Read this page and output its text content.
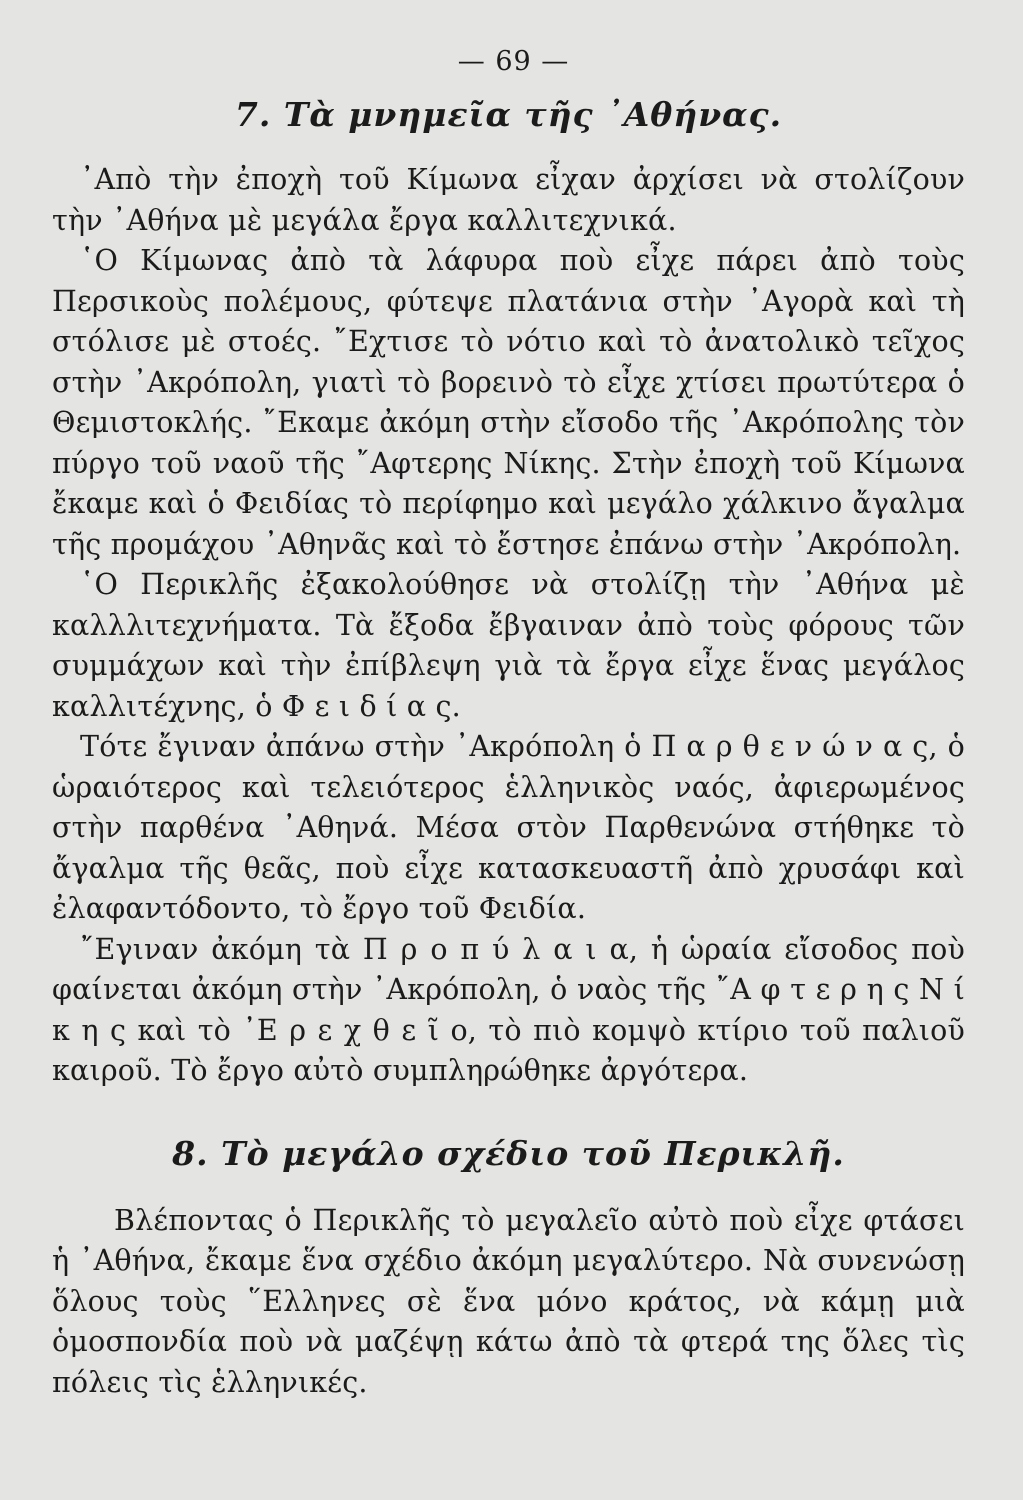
— 69 —
7. Τὰ μνημεῖα τῆς ᾿Αθήνας.

᾿Απὸ τὴν ἐποχὴ τοῦ Κίμωνα εἶχαν ἀρχίσει νὰ στολίζουν τὴν ᾿Αθήνα μὲ μεγάλα ἔργα καλλιτεχνικά.

῾Ο Κίμωνας ἀπὸ τὰ λάφυρα ποὺ εἶχε πάρει ἀπὸ τοὺς Περσικοὺς πολέμους, φύτεψε πλατάνια στὴν ᾿Αγορὰ καὶ τὴ στόλισε μὲ στοές. ῎Εχτισε τὸ νότιο καὶ τὸ ἀνατολικὸ τεῖχος στὴν ᾿Ακρόπολη, γιατὶ τὸ βορεινὸ τὸ εἶχε χτίσει πρωτύτερα ὁ Θεμιστοκλής. ῎Εκαμε ἀκόμη στὴν εἴσοδο τῆς ᾿Ακρόπολης τὸν πύργο τοῦ ναοῦ τῆς ῎Αφτερης Νίκης. Στὴν ἐποχὴ τοῦ Κίμωνα ἔκαμε καὶ ὁ Φειδίας τὸ περίφημο καὶ μεγάλο χάλκινο ἄγαλμα τῆς προμάχου ᾿Αθηνᾶς καὶ τὸ ἔστησε ἐπάνω στὴν ᾿Ακρόπολη.

῾Ο Περικλῆς ἐξακολούθησε νὰ στολίζῃ τὴν ᾿Αθήνα μὲ καλλλιτεχνήματα. Τὰ ἔξοδα ἔβγαιναν ἀπὸ τοὺς φόρους τῶν συμμάχων καὶ τὴν ἐπίβλεψη γιὰ τὰ ἔργα εἶχε ἕνας μεγάλος καλλιτέχνης, ὁ Φ ε ι δ ί α ς.

Τότε ἔγιναν ἀπάνω στὴν ᾿Ακρόπολη ὁ Π α ρ θ ε ν ώ ν α ς, ὁ ὡραιότερος καὶ τελειότερος ἑλληνικὸς ναός, ἀφιερωμένος στὴν παρθένα ᾿Αθηνά. Μέσα στὸν Παρθενώνα στήθηκε τὸ ἄγαλμα τῆς θεᾶς, ποὺ εἶχε κατασκευαστῆ ἀπὸ χρυσάφι καὶ ἐλαφαντόδοντο, τὸ ἔργο τοῦ Φειδία.

῎Εγιναν ἀκόμη τὰ Π ρ ο π ύ λ α ι α, ἡ ὡραία εἴσοδος ποὺ φαίνεται ἀκόμη στὴν ᾿Ακρόπολη, ὁ ναὸς τῆς ῎Α φ τ ε ρ η ς Ν ί κ η ς καὶ τὸ ᾿Ε ρ ε χ θ ε ῖ ο, τὸ πιὸ κομψὸ κτίριο τοῦ παλιοῦ καιροῦ. Τὸ ἔργο αὐτὸ συμπληρώθηκε ἀργότερα.

8. Τὸ μεγάλο σχέδιο τοῦ Περικλῆ.

Βλέποντας ὁ Περικλῆς τὸ μεγαλεῖο αὐτὸ ποὺ εἶχε φτάσει ἡ ᾿Αθήνα, ἔκαμε ἕνα σχέδιο ἀκόμη μεγαλύτερο. Νὰ συνενώσῃ ὅλους τοὺς ῞Ελληνες σὲ ἕνα μόνο κράτος, νὰ κάμῃ μιὰ ὁμοσπονδία ποὺ νὰ μαζέψῃ κάτω ἀπὸ τὰ φτερά της ὅλες τὶς πόλεις τὶς ἑλληνικές.
